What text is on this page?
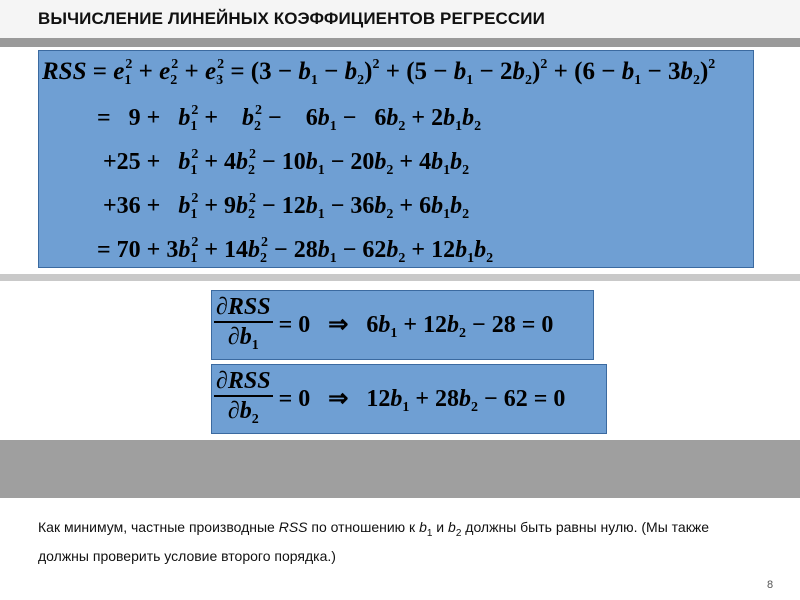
ВЫЧИСЛЕНИЕ ЛИНЕЙНЫХ КОЭФФИЦИЕНТОВ РЕГРЕССИИ
RSS = $e_1^2 + e_2^2 + e_3^2 = (3 - b_1 - b_2)^2 + (5 - b_1 - 2b_2)^2 + (6 - b_1 - 3b_2)^2$
=   $9 + b_1^2$ +    $b_2^2$ −    $6b_1 - 6b_2 + 2b_1b_2$
$+25 + b_1^2 + 4b_2^2 - 10b_1 - 20b_2 + 4b_1b_2$
$+36 + b_1^2 + 9b_2^2 - 12b_1 - 36b_2 + 6b_1b_2$
= $70 + 3b_1^2 + 14b_2^2 - 28b_1 - 62b_2 + 12b_1b_2$
$\frac{\text{∂RSS}}{\partial b_1} = 0$   ⇒   $6b_1 + 12b_2 - 28 = 0$
$\frac{\text{∂RSS}}{\partial b_2} = 0$   ⇒   $12b_1 + 28b_2 - 62 = 0$
Как минимум, частные производные RSS по отношению к $b_1$ и $b_2$ должны быть равны нулю. (Мы также должны проверить условие второго порядка.)
8
